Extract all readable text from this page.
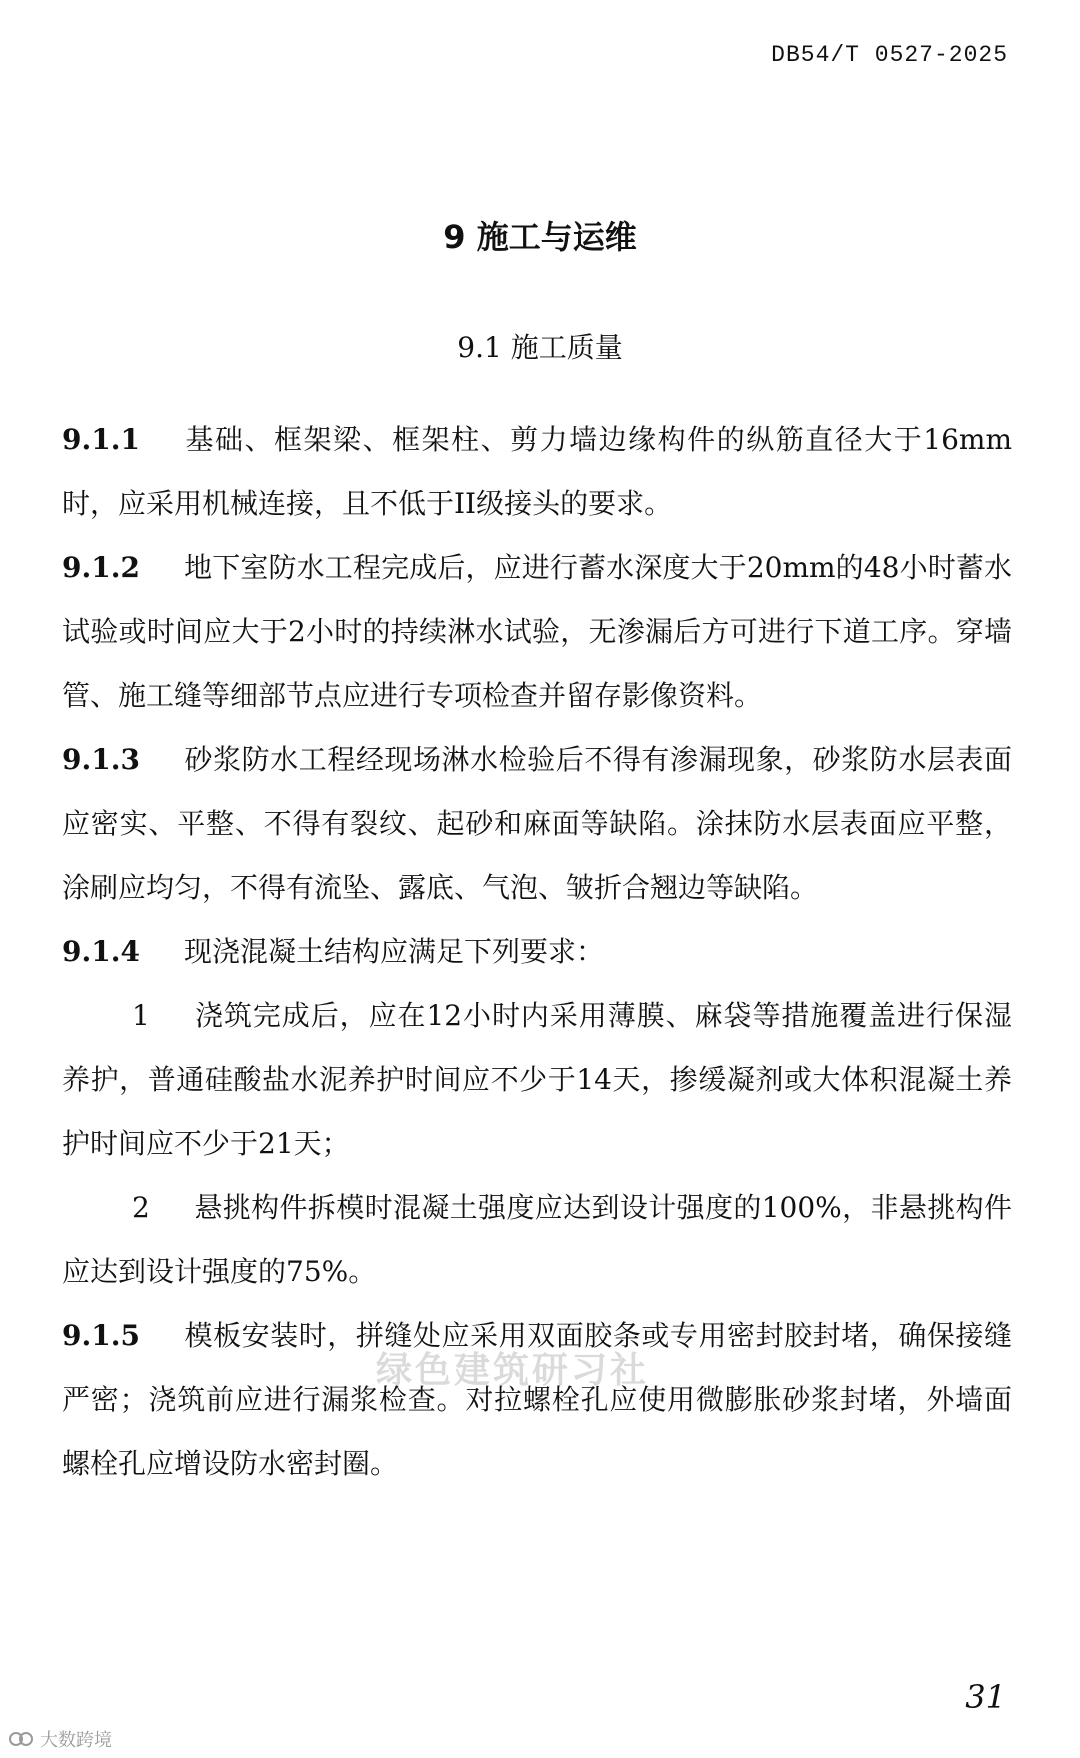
DB54/T 0527-2025
9 施工与运维
9.1 施工质量

9.1.1 基础、框架梁、框架柱、剪力墙边缘构件的纵筋直径大于16mm时，应采用机械连接，且不低于II级接头的要求。

9.1.2 地下室防水工程完成后，应进行蓄水深度大于20mm的48小时蓄水试验或时间应大于2小时的持续淋水试验，无渗漏后方可进行下道工序。穿墙管、施工缝等细部节点应进行专项检查并留存影像资料。

9.1.3 砂浆防水工程经现场淋水检验后不得有渗漏现象，砂浆防水层表面应密实、平整、不得有裂纹、起砂和麻面等缺陷。涂抹防水层表面应平整，涂刷应均匀，不得有流坠、露底、气泡、皱折合翘边等缺陷。

9.1.4 现浇混凝土结构应满足下列要求：

1 浇筑完成后，应在12小时内采用薄膜、麻袋等措施覆盖进行保湿养护，普通硅酸盐水泥养护时间应不少于14天，掺缓凝剂或大体积混凝土养护时间应不少于21天；

2 悬挑构件拆模时混凝土强度应达到设计强度的100%，非悬挑构件应达到设计强度的75%。

9.1.5 模板安装时，拼缝处应采用双面胶条或专用密封胶封堵，确保接缝严密；浇筑前应进行漏浆检查。对拉螺栓孔应使用微膨胀砂浆封堵，外墙面螺栓孔应增设防水密封圈。

绿色建筑研习社
31
大数跨境
